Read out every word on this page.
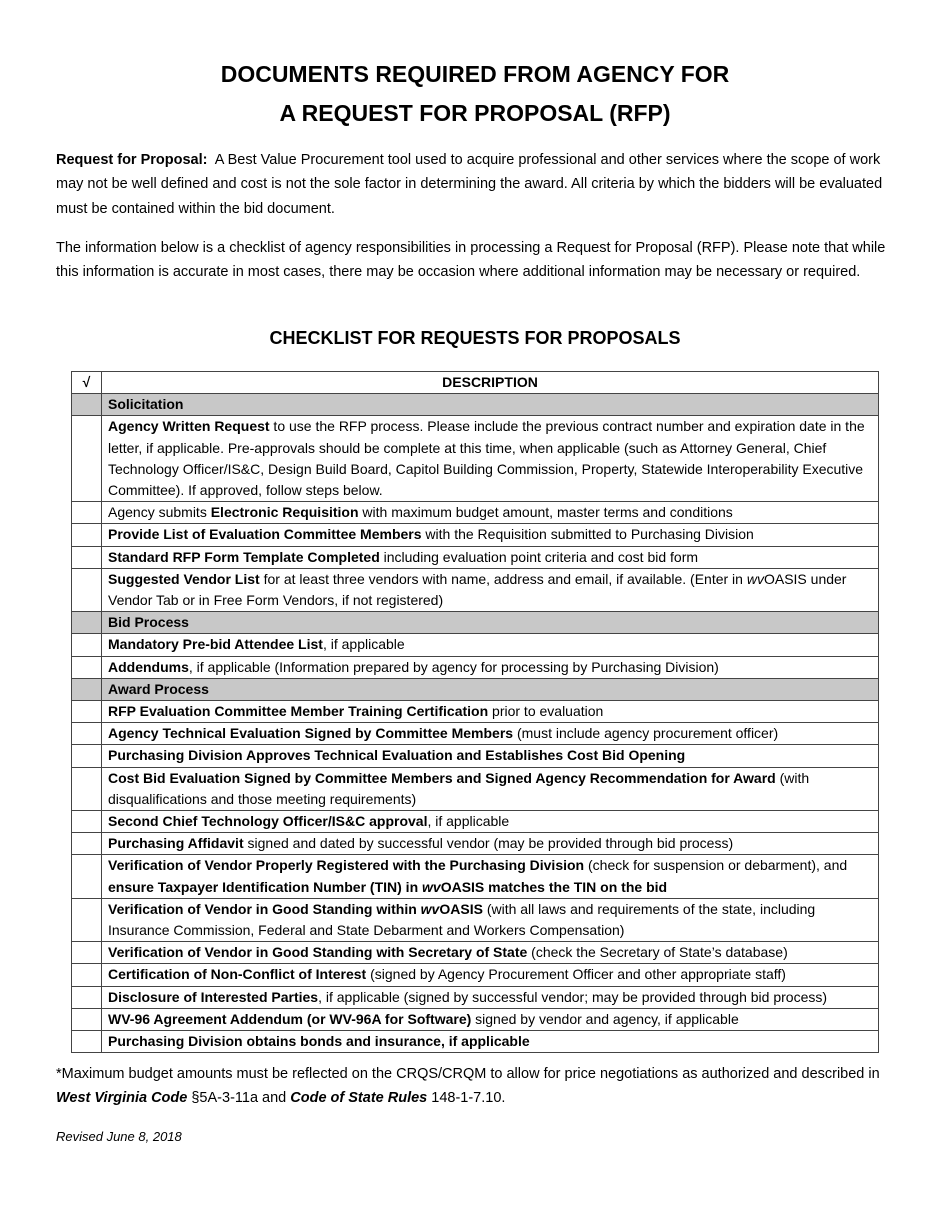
DOCUMENTS REQUIRED FROM AGENCY FOR
A REQUEST FOR PROPOSAL (RFP)
Request for Proposal: A Best Value Procurement tool used to acquire professional and other services where the scope of work may not be well defined and cost is not the sole factor in determining the award. All criteria by which the bidders will be evaluated must be contained within the bid document.
The information below is a checklist of agency responsibilities in processing a Request for Proposal (RFP). Please note that while this information is accurate in most cases, there may be occasion where additional information may be necessary or required.
CHECKLIST FOR REQUESTS FOR PROPOSALS
√	DESCRIPTION
	Solicitation
	Agency Written Request to use the RFP process. Please include the previous contract number and expiration date in the letter, if applicable. Pre-approvals should be complete at this time, when applicable (such as Attorney General, Chief Technology Officer/IS&C, Design Build Board, Capitol Building Commission, Property, Statewide Interoperability Executive Committee). If approved, follow steps below.
	Agency submits Electronic Requisition with maximum budget amount, master terms and conditions
	Provide List of Evaluation Committee Members with the Requisition submitted to Purchasing Division
	Standard RFP Form Template Completed including evaluation point criteria and cost bid form
	Suggested Vendor List for at least three vendors with name, address and email, if available. (Enter in wvOASIS under Vendor Tab or in Free Form Vendors, if not registered)
	Bid Process
	Mandatory Pre-bid Attendee List, if applicable
	Addendums, if applicable (Information prepared by agency for processing by Purchasing Division)
	Award Process
	RFP Evaluation Committee Member Training Certification prior to evaluation
	Agency Technical Evaluation Signed by Committee Members (must include agency procurement officer)
	Purchasing Division Approves Technical Evaluation and Establishes Cost Bid Opening
	Cost Bid Evaluation Signed by Committee Members and Signed Agency Recommendation for Award (with disqualifications and those meeting requirements)
	Second Chief Technology Officer/IS&C approval, if applicable
	Purchasing Affidavit signed and dated by successful vendor (may be provided through bid process)
	Verification of Vendor Properly Registered with the Purchasing Division (check for suspension or debarment), and ensure Taxpayer Identification Number (TIN) in wvOASIS matches the TIN on the bid
	Verification of Vendor in Good Standing within wvOASIS (with all laws and requirements of the state, including Insurance Commission, Federal and State Debarment and Workers Compensation)
	Verification of Vendor in Good Standing with Secretary of State (check the Secretary of State’s database)
	Certification of Non-Conflict of Interest (signed by Agency Procurement Officer and other appropriate staff)
	Disclosure of Interested Parties, if applicable (signed by successful vendor; may be provided through bid process)
	WV-96 Agreement Addendum (or WV-96A for Software) signed by vendor and agency, if applicable
	Purchasing Division obtains bonds and insurance, if applicable
*Maximum budget amounts must be reflected on the CRQS/CRQM to allow for price negotiations as authorized and described in West Virginia Code §5A-3-11a and Code of State Rules 148-1-7.10.
Revised June 8, 2018
